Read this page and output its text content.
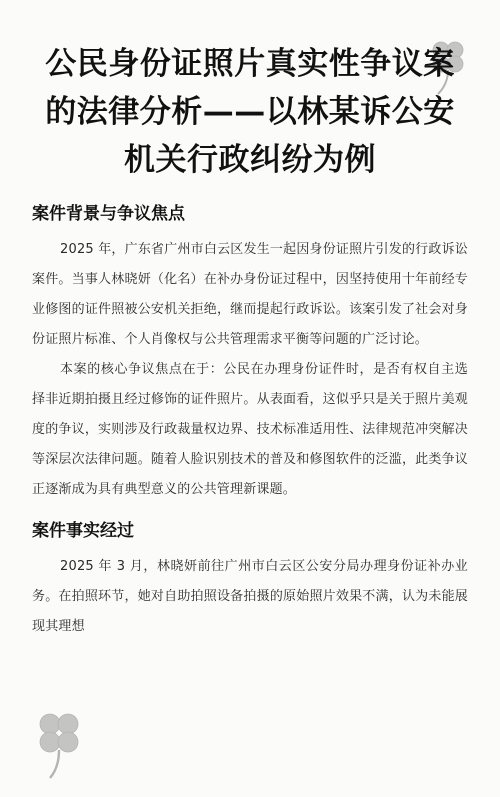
公民身份证照片真实性争议案
的法律分析——以林某诉公安
机关行政纠纷为例
案件背景与争议焦点

2025 年，广东省广州市白云区发生一起因身份证照片引发的行政诉讼案件。当事人林晓妍（化名）在补办身份证过程中，因坚持使用十年前经专业修图的证件照被公安机关拒绝，继而提起行政诉讼。该案引发了社会对身份证照片标准、个人肖像权与公共管理需求平衡等问题的广泛讨论。

本案的核心争议焦点在于：公民在办理身份证件时，是否有权自主选择非近期拍摄且经过修饰的证件照片。从表面看，这似乎只是关于照片美观度的争议，实则涉及行政裁量权边界、技术标准适用性、法律规范冲突解决等深层次法律问题。随着人脸识别技术的普及和修图软件的泛滥，此类争议正逐渐成为具有典型意义的公共管理新课题。

案件事实经过

2025 年 3 月，林晓妍前往广州市白云区公安分局办理身份证补办业务。在拍照环节，她对自助拍照设备拍摄的原始照片效果不满，认为未能展现其理想
